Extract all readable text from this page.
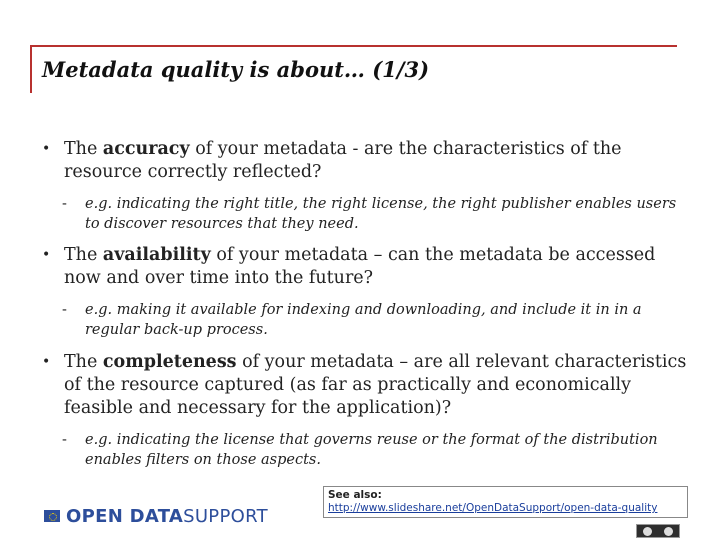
Metadata quality is about… (1/3)

• The accuracy of your metadata - are the characteristics of the resource correctly reflected?

- e.g. indicating the right title, the right license, the right publisher enables users to discover resources that they need.

• The availability of your metadata – can the metadata be accessed now and over time into the future?

- e.g. making it available for indexing and downloading, and include it in in a regular back-up process.

• The completeness of your metadata – are all relevant characteristics of the resource captured (as far as practically and economically feasible and necessary for the application)?

- e.g. indicating the license that governs reuse or the format of the distribution enables filters on those aspects.

OPEN DATASUPPORT
See also:
http://www.slideshare.net/OpenDataSupport/open-data-quality
